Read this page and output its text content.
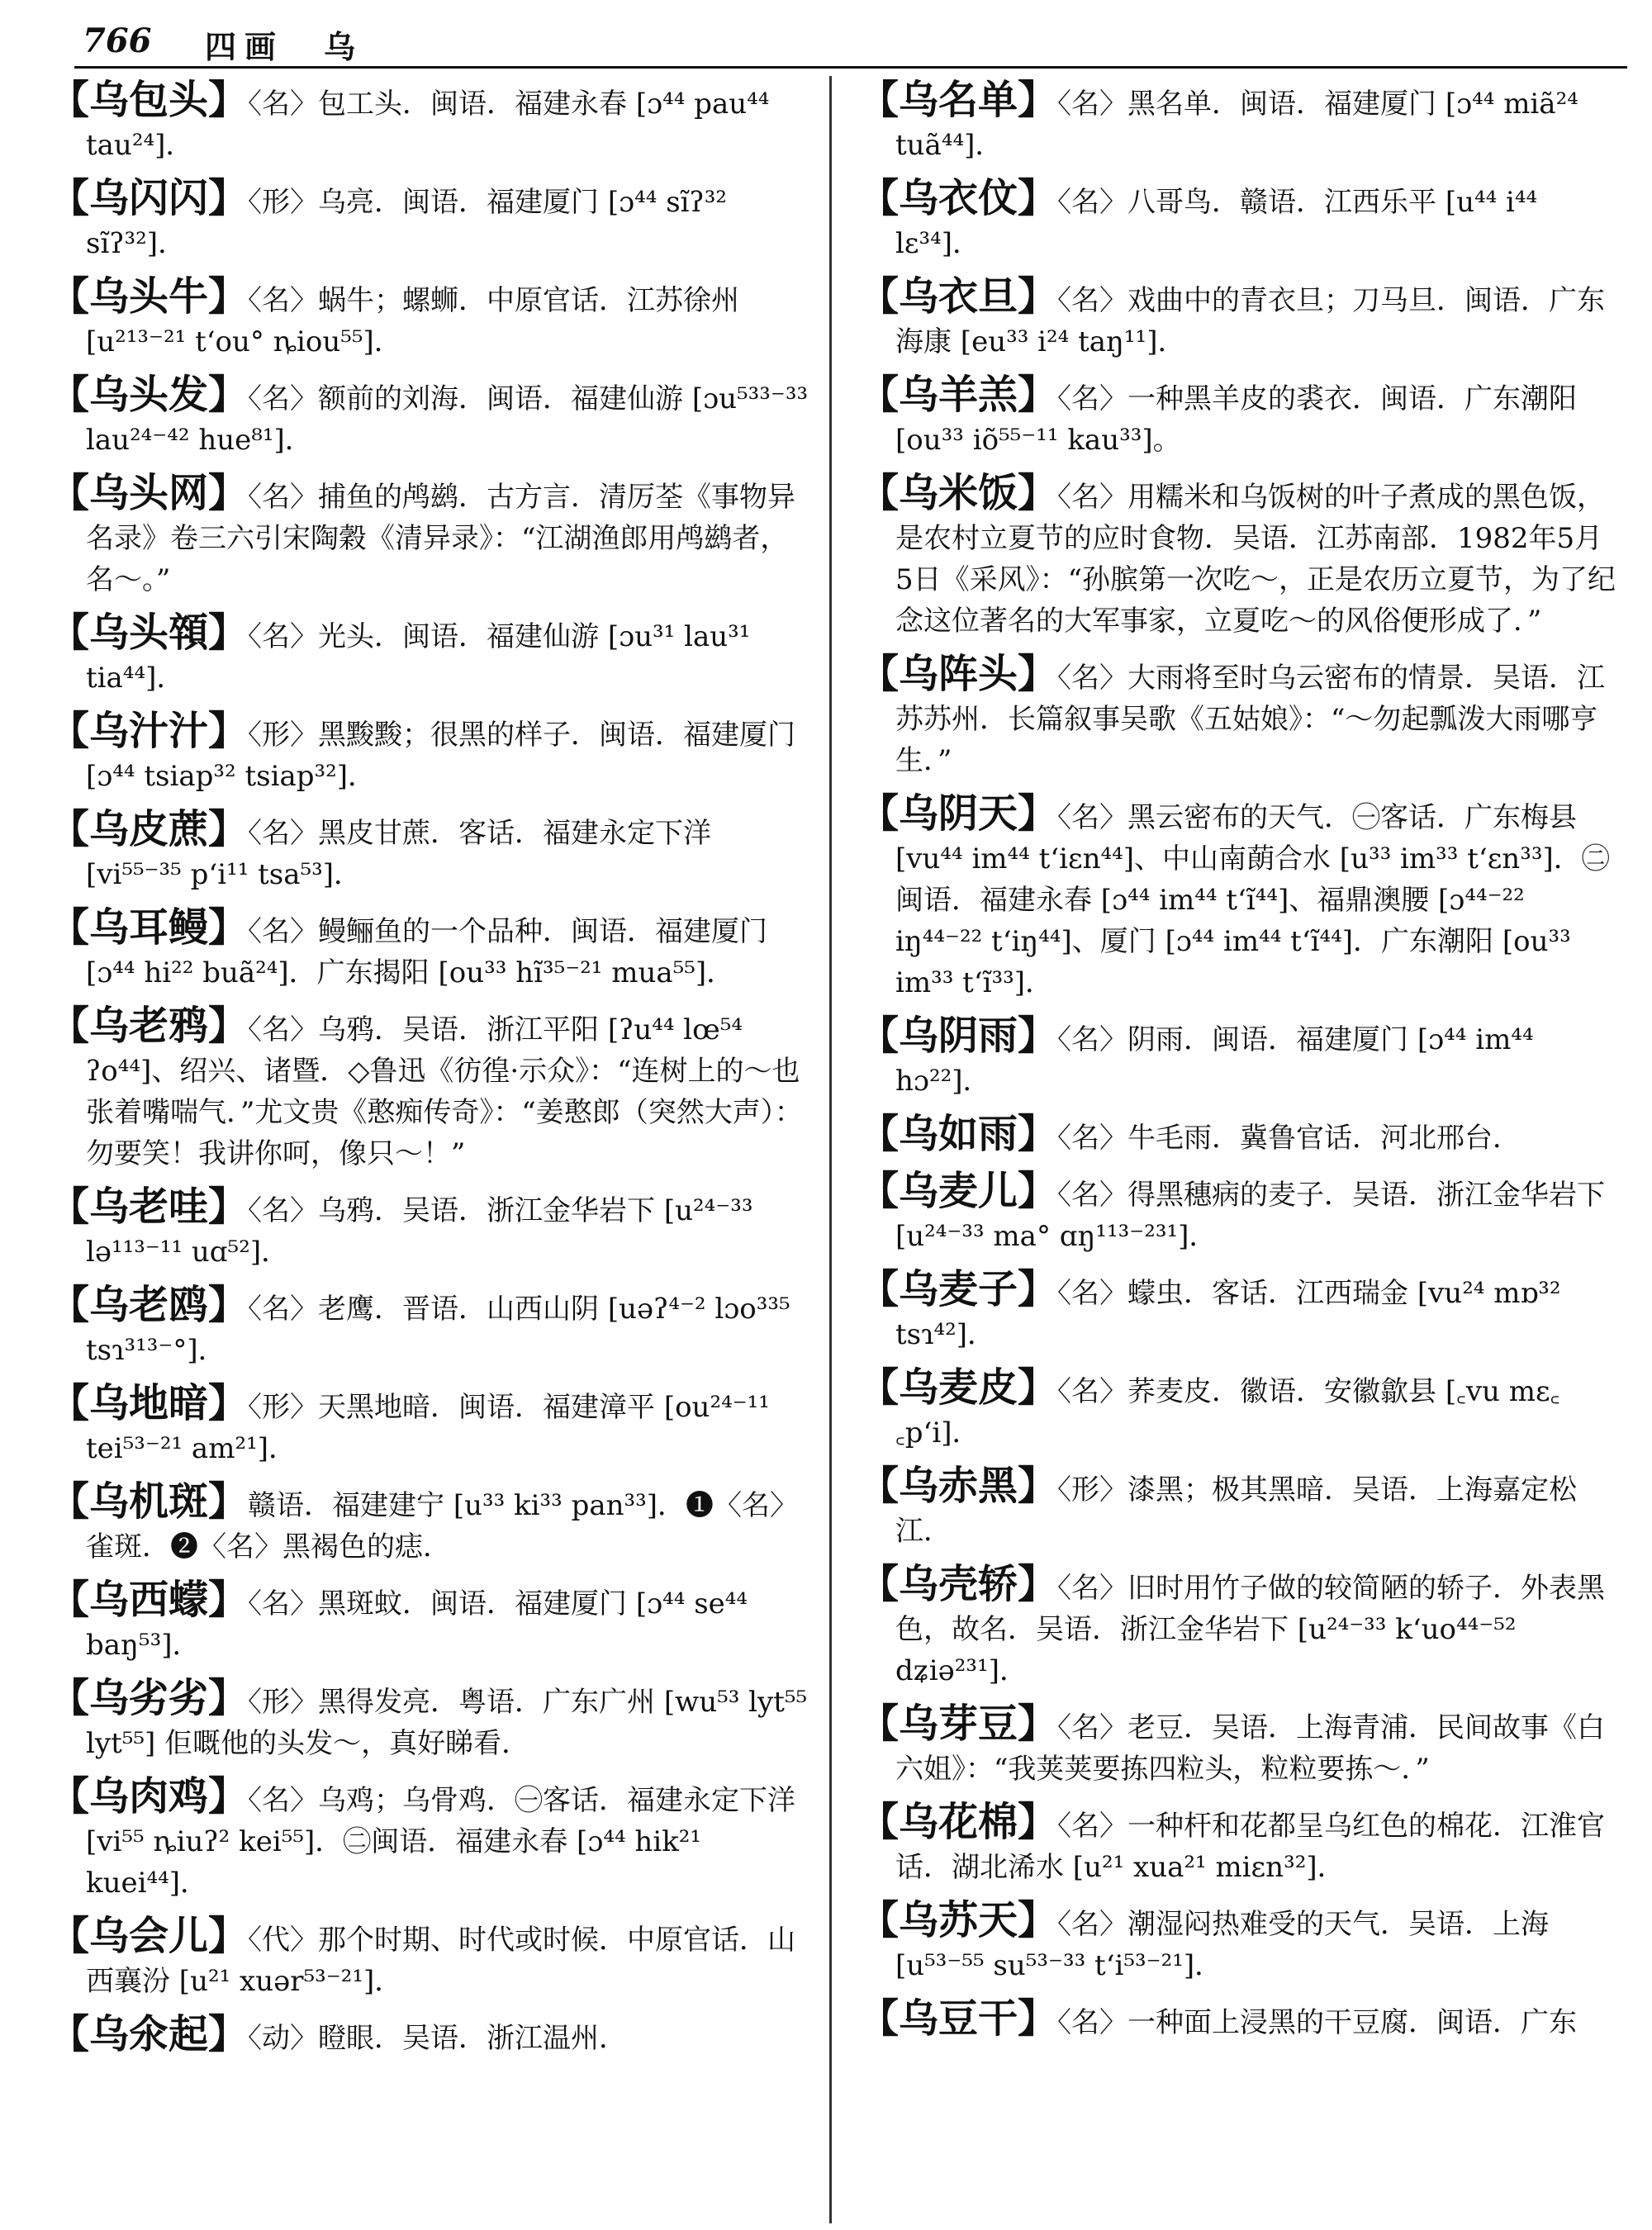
766 四画　乌

【乌包头】〈名〉包工头．闽语．福建永春 [ɔ⁴⁴ pau⁴⁴ tau²⁴]．

【乌闪闪】〈形〉乌亮．闽语．福建厦门 [ɔ⁴⁴ sĩʔ³² sĩʔ³²]．

【乌头牛】〈名〉蜗牛；螺蛳．中原官话．江苏徐州 [u²¹³⁻²¹ tʻou° ȵiou⁵⁵]．

【乌头发】〈名〉额前的刘海．闽语．福建仙游 [ɔu⁵³³⁻³³ lau²⁴⁻⁴² hue⁸¹]．

【乌头网】〈名〉捕鱼的鸬鹚．古方言．清厉荃《事物异名录》卷三六引宋陶穀《清异录》：“江湖渔郎用鸬鹚者，名～。”

【乌头顇】〈名〉光头．闽语．福建仙游 [ɔu³¹ lau³¹ tia⁴⁴]．

【乌汁汁】〈形〉黑黢黢；很黑的样子．闽语．福建厦门 [ɔ⁴⁴ tsiap³² tsiap³²]．

【乌皮蔗】〈名〉黑皮甘蔗．客话．福建永定下洋 [vi⁵⁵⁻³⁵ pʻi¹¹ tsa⁵³]．

【乌耳鳗】〈名〉鳗鲡鱼的一个品种．闽语．福建厦门 [ɔ⁴⁴ hi²² buã²⁴]．广东揭阳 [ou³³ hĩ³⁵⁻²¹ mua⁵⁵]．

【乌老鸦】〈名〉乌鸦．吴语．浙江平阳 [ʔu⁴⁴ lœ⁵⁴ ʔo⁴⁴]、绍兴、诸暨．◇鲁迅《彷徨·示众》：“连树上的～也张着嘴喘气．”尤文贵《憨痴传奇》：“姜憨郎（突然大声）：勿要笑！我讲你呵，像只～！”

【乌老哇】〈名〉乌鸦．吴语．浙江金华岩下 [u²⁴⁻³³ lə¹¹³⁻¹¹ uɑ⁵²]．

【乌老鸥】〈名〉老鹰．晋语．山西山阴 [uəʔ⁴⁻² lɔo³³⁵ tsɿ³¹³⁻°]．

【乌地暗】〈形〉天黑地暗．闽语．福建漳平 [ou²⁴⁻¹¹ tei⁵³⁻²¹ am²¹]．

【乌机斑】赣语．福建建宁 [u³³ ki³³ pan³³]．❶〈名〉雀斑．❷〈名〉黑褐色的痣．

【乌西蠓】〈名〉黑斑蚊．闽语．福建厦门 [ɔ⁴⁴ se⁴⁴ baŋ⁵³]．

【乌劣劣】〈形〉黑得发亮．粤语．广东广州 [wu⁵³ lyt⁵⁵ lyt⁵⁵] 佢嘅他的头发～，真好睇看．

【乌肉鸡】〈名〉乌鸡；乌骨鸡．㊀客话．福建永定下洋 [vi⁵⁵ ȵiuʔ² kei⁵⁵]．㊁闽语．福建永春 [ɔ⁴⁴ hik²¹ kuei⁴⁴]．

【乌会儿】〈代〉那个时期、时代或时候．中原官话．山西襄汾 [u²¹ xuər⁵³⁻²¹]．

【乌氽起】〈动〉瞪眼．吴语．浙江温州．

【乌名单】〈名〉黑名单．闽语．福建厦门 [ɔ⁴⁴ miã²⁴ tuã⁴⁴]．

【乌衣伩】〈名〉八哥鸟．赣语．江西乐平 [u⁴⁴ i⁴⁴ lɛ³⁴]．

【乌衣旦】〈名〉戏曲中的青衣旦；刀马旦．闽语．广东海康 [eu³³ i²⁴ taŋ¹¹]．

【乌羊羔】〈名〉一种黑羊皮的裘衣．闽语．广东潮阳 [ou³³ iõ⁵⁵⁻¹¹ kau³³]。

【乌米饭】〈名〉用糯米和乌饭树的叶子煮成的黑色饭，是农村立夏节的应时食物．吴语．江苏南部．1982年5月5日《采风》：“孙膑第一次吃～，正是农历立夏节，为了纪念这位著名的大军事家，立夏吃～的风俗便形成了．”

【乌阵头】〈名〉大雨将至时乌云密布的情景．吴语．江苏苏州．长篇叙事吴歌《五姑娘》：“～勿起瓢泼大雨哪亨生．”

【乌阴天】〈名〉黑云密布的天气．㊀客话．广东梅县 [vu⁴⁴ im⁴⁴ tʻiɛn⁴⁴]、中山南蓢合水 [u³³ im³³ tʻɛn³³]．㊁闽语．福建永春 [ɔ⁴⁴ im⁴⁴ tʻĩ⁴⁴]、福鼎澳腰 [ɔ⁴⁴⁻²² iŋ⁴⁴⁻²² tʻiŋ⁴⁴]、厦门 [ɔ⁴⁴ im⁴⁴ tʻĩ⁴⁴]．广东潮阳 [ou³³ im³³ tʻĩ³³]．

【乌阴雨】〈名〉阴雨．闽语．福建厦门 [ɔ⁴⁴ im⁴⁴ hɔ²²]．

【乌如雨】〈名〉牛毛雨．冀鲁官话．河北邢台．

【乌麦儿】〈名〉得黑穗病的麦子．吴语．浙江金华岩下 [u²⁴⁻³³ ma° ɑŋ¹¹³⁻²³¹]．

【乌麦子】〈名〉蠓虫．客话．江西瑞金 [vu²⁴ mɒ³² tsɿ⁴²]．

【乌麦皮】〈名〉荞麦皮．徽语．安徽歙县 [꜀vu mɛ꜀ ꜀pʻi]．

【乌赤黑】〈形〉漆黑；极其黑暗．吴语．上海嘉定松江．

【乌壳轿】〈名〉旧时用竹子做的较简陋的轿子．外表黑色，故名．吴语．浙江金华岩下 [u²⁴⁻³³ kʻuo⁴⁴⁻⁵² dʑiə²³¹]．

【乌芽豆】〈名〉老豆．吴语．上海青浦．民间故事《白六姐》：“我荚荚要拣四粒头，粒粒要拣～．”

【乌花棉】〈名〉一种杆和花都呈乌红色的棉花．江淮官话．湖北浠水 [u²¹ xua²¹ miɛn³²]．

【乌苏天】〈名〉潮湿闷热难受的天气．吴语．上海 [u⁵³⁻⁵⁵ su⁵³⁻³³ tʻi⁵³⁻²¹]．

【乌豆干】〈名〉一种面上浸黑的干豆腐．闽语．广东
